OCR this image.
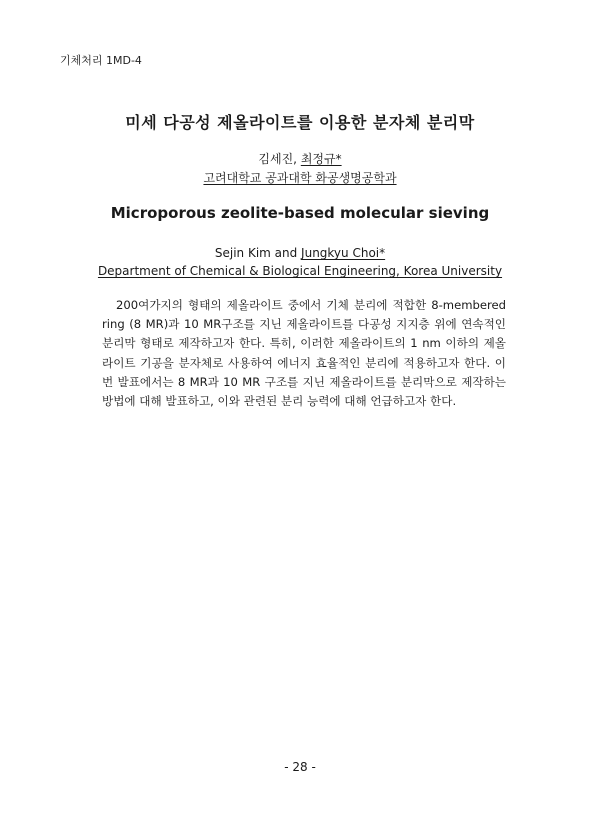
기체처리 1MD-4
미세 다공성 제올라이트를 이용한 분자체 분리막
김세진, 최정규*
고려대학교 공과대학 화공생명공학과
Microporous zeolite-based molecular sieving
Sejin Kim and Jungkyu Choi*
Department of Chemical & Biological Engineering, Korea University
200여가지의 형태의 제올라이트 중에서 기체 분리에 적합한 8-membered
ring (8 MR)과 10 MR구조를 지닌 제올라이트를 다공성 지지층 위에 연속적인
분리막 형태로 제작하고자 한다. 특히, 이러한 제올라이트의 1 nm 이하의 제올
라이트 기공을 분자체로 사용하여 에너지 효율적인 분리에 적용하고자 한다. 이
번 발표에서는 8 MR과 10 MR 구조를 지닌 제올라이트를 분리막으로 제작하는
방법에 대해 발표하고, 이와 관련된 분리 능력에 대해 언급하고자 한다.
- 28 -
